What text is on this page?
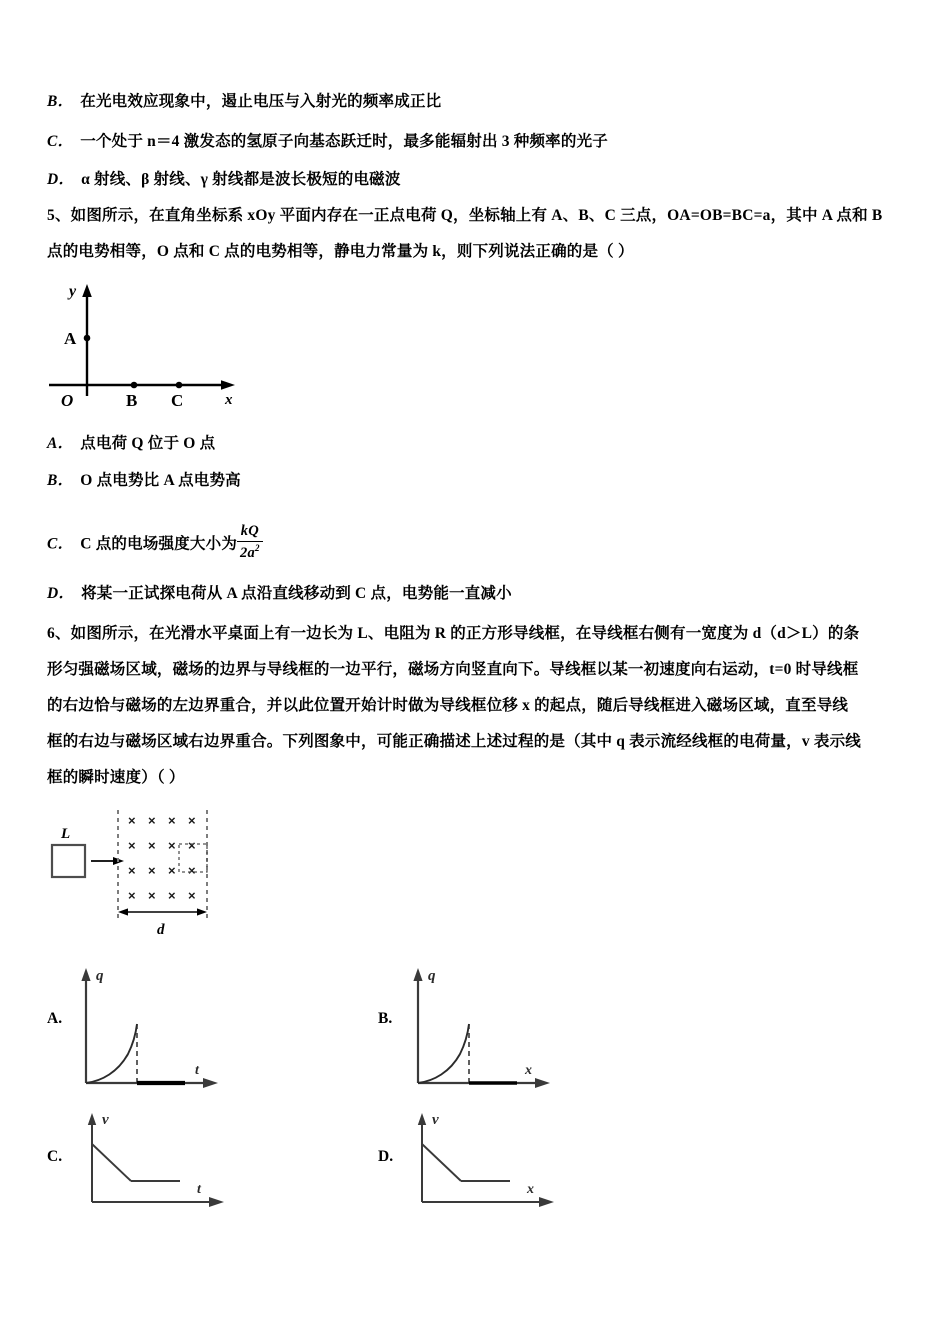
B． 在光电效应现象中，遏止电压与入射光的频率成正比
C． 一个处于 n＝4 激发态的氢原子向基态跃迁时，最多能辐射出 3 种频率的光子
D． α 射线、β 射线、γ 射线都是波长极短的电磁波
5、如图所示，在直角坐标系 xOy 平面内存在一正点电荷 Q，坐标轴上有 A、B、C 三点，OA=OB=BC=a，其中 A 点和 B
点的电势相等，O 点和 C 点的电势相等，静电力常量为 k，则下列说法正确的是（ ）
y
x
A
O	B C
A． 点电荷 Q 位于 O 点
B． O 点电势比 A 点电势高
C． C 点的电场强度大小为 $\frac{kQ}{2a^2}$
D． 将某一正试探电荷从 A 点沿直线移动到 C 点，电势能一直减小
6、如图所示，在光滑水平桌面上有一边长为 L、电阻为 R 的正方形导线框，在导线框右侧有一宽度为 d（d＞L）的条
形匀强磁场区域，磁场的边界与导线框的一边平行，磁场方向竖直向下。导线框以某一初速度向右运动，t=0 时导线框
的右边恰与磁场的左边界重合，并以此位置开始计时做为导线框位移 x 的起点，随后导线框进入磁场区域，直至导线
框的右边与磁场区域右边界重合。下列图象中，可能正确描述上述过程的是（其中 q 表示流经线框的电荷量，v 表示线
框的瞬时速度）（ ）
L
× × × ×
× × × ×
× × × ×
× × × ×
d
A.
q
t
B.
q
x
C.
v
t
D.
v
x
